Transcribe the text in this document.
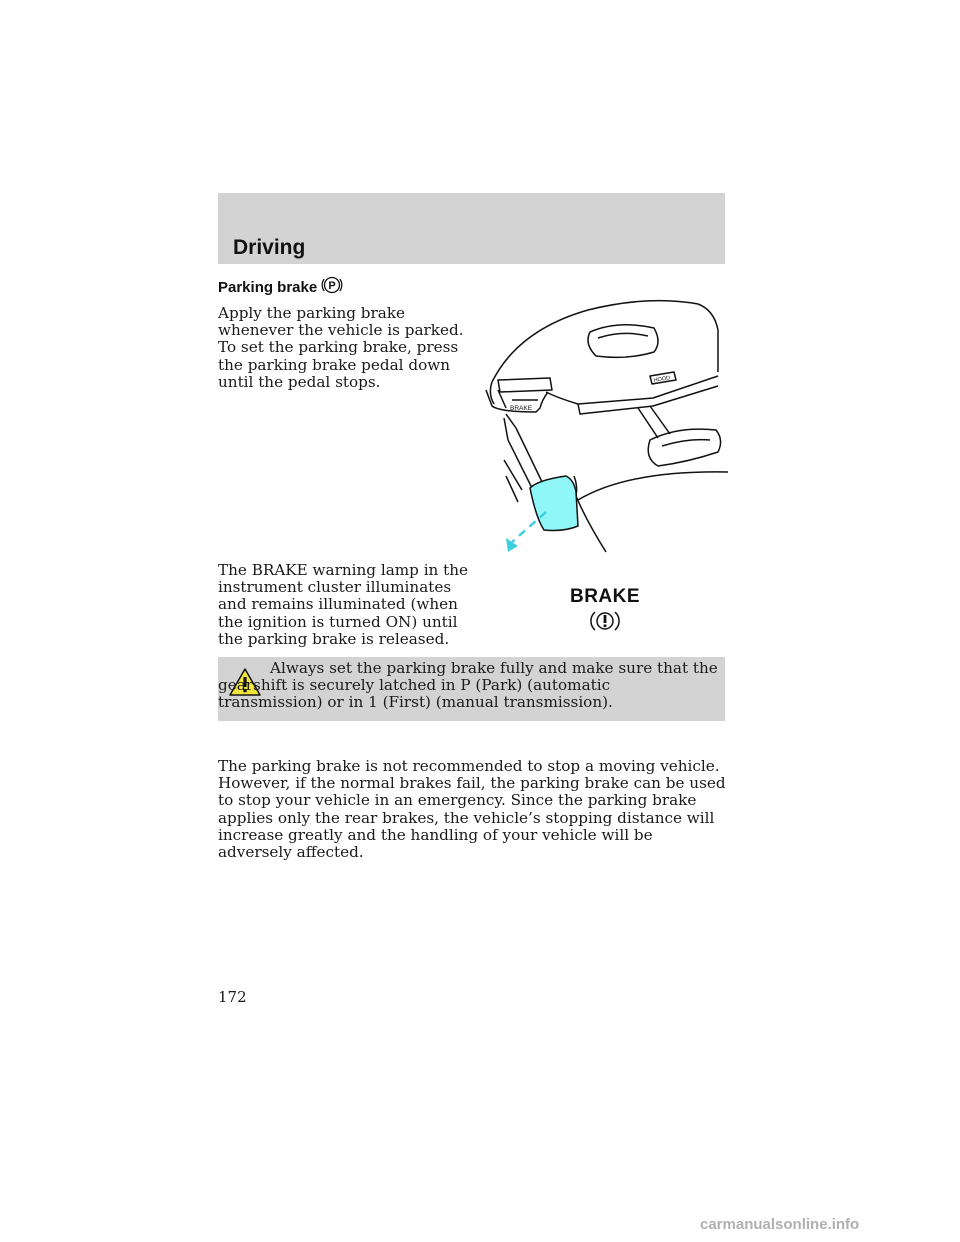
Driving
Parking brake P
Apply the parking brake whenever the vehicle is parked. To set the parking brake, press the parking brake pedal down until the pedal stops.
BRAKE
HOOD
The BRAKE warning lamp in the instrument cluster illuminates and remains illuminated (when the ignition is turned ON) until the parking brake is released.
BRAKE
Always set the parking brake fully and make sure that the gearshift is securely latched in P (Park) (automatic transmission) or in 1 (First) (manual transmission).
The parking brake is not recommended to stop a moving vehicle. However, if the normal brakes fail, the parking brake can be used to stop your vehicle in an emergency. Since the parking brake applies only the rear brakes, the vehicle’s stopping distance will increase greatly and the handling of your vehicle will be adversely affected.
172
carmanualsonline.info
